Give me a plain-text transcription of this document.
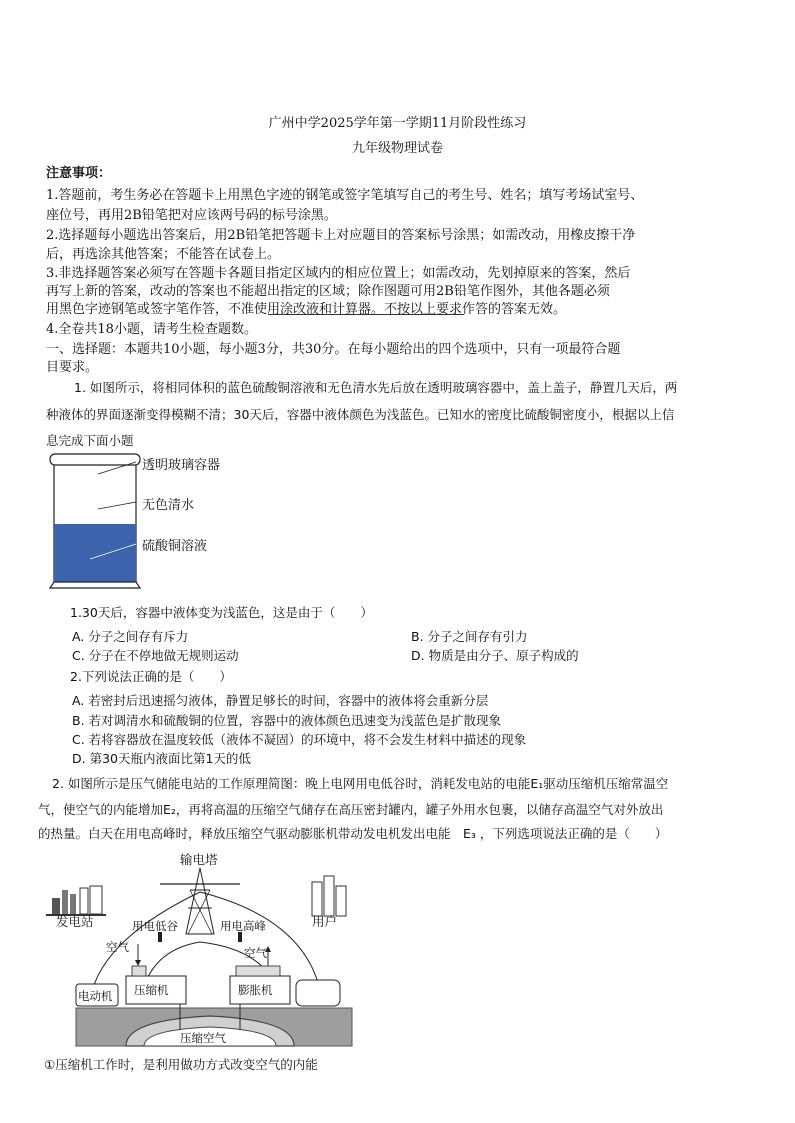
广州中学2025学年第一学期11月阶段性练习
九年级物理试卷
注意事项：
1.答题前，考生务必在答题卡上用黑色字迹的钢笔或签字笔填写自己的考生号、姓名；填写考场试室号、
座位号，再用2B铅笔把对应该两号码的标号涂黑。
2.选择题每小题选出答案后，用2B铅笔把答题卡上对应题目的答案标号涂黑；如需改动，用橡皮擦干净
后，再选涂其他答案；不能答在试卷上。
3.非选择题答案必须写在答题卡各题目指定区域内的相应位置上；如需改动，先划掉原来的答案，然后
再写上新的答案，改动的答案也不能超出指定的区域；除作图题可用2B铅笔作图外，其他各题必须
用黑色字迹钢笔或签字笔作答，不准使用涂改液和计算器。不按以上要求作答的答案无效。
4.全卷共18小题，请考生检查题数。
一、选择题：本题共10小题，每小题3分，共30分。在每小题给出的四个选项中，只有一项最符合题
目要求。
1. 如图所示，将相同体积的蓝色硫酸铜溶液和无色清水先后放在透明玻璃容器中，盖上盖子，静置几天后，两
种液体的界面逐渐变得模糊不清；30天后，容器中液体颜色为浅蓝色。已知水的密度比硫酸铜密度小，根据以上信
息完成下面小题
透明玻璃容器
无色清水
硫酸铜溶液
1.30天后，容器中液体变为浅蓝色，这是由于（　　）
A. 分子之间存有斥力	B. 分子之间存有引力
C. 分子在不停地做无规则运动	D. 物质是由分子、原子构成的
2.下列说法正确的是（　　）
A. 若密封后迅速摇匀液体，静置足够长的时间，容器中的液体将会重新分层
B. 若对调清水和硫酸铜的位置，容器中的液体颜色迅速变为浅蓝色是扩散现象
C. 若将容器放在温度较低（液体不凝固）的环境中，将不会发生材料中描述的现象
D. 第30天瓶内液面比第1天的低
2. 如图所示是压气储能电站的工作原理简图：晚上电网用电低谷时，消耗发电站的电能E₁驱动压缩机压缩常温空
气，使空气的内能增加E₂，再将高温的压缩空气储存在高压密封罐内，罐子外用水包裹，以储存高温空气对外放出
的热量。白天在用电高峰时，释放压缩空气驱动膨胀机带动发电机发出电能　E₃ ，下列选项说法正确的是（　　）
输电塔
发电站	用户
用电低谷	用电高峰
空气	空气
电动机 压缩机	膨胀机
压缩空气
①压缩机工作时，是利用做功方式改变空气的内能
